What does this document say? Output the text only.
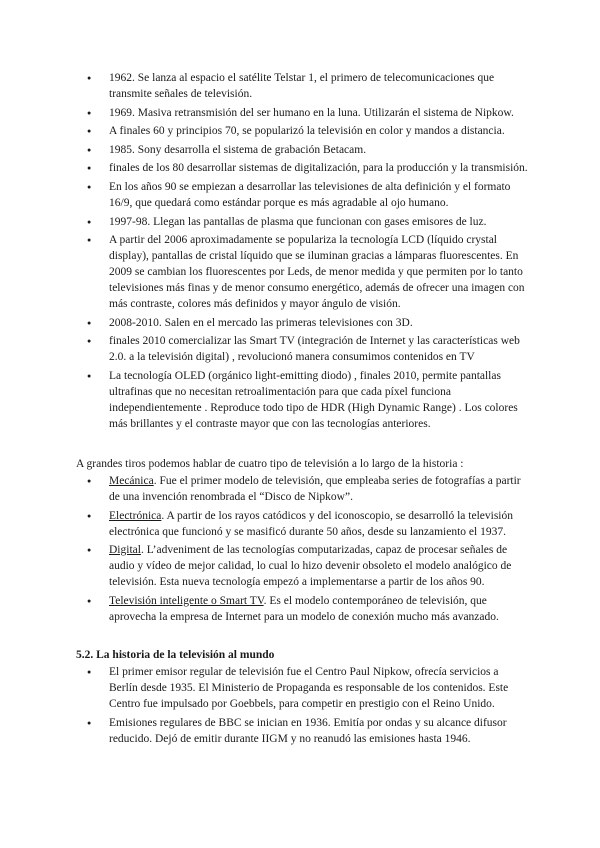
● 1962. Se lanza al espacio el satélite Telstar 1, el primero de telecomunicaciones que transmite señales de televisión.
● 1969. Masiva retransmisión del ser humano en la luna. Utilizarán el sistema de Nipkow.
● A finales 60 y principios 70, se popularizó la televisión en color y mandos a distancia.
● 1985. Sony desarrolla el sistema de grabación Betacam.
● finales de los 80 desarrollar sistemas de digitalización, para la producción y la transmisión.
● En los años 90 se empiezan a desarrollar las televisiones de alta definición y el formato 16/9, que quedará como estándar porque es más agradable al ojo humano.
● 1997-98. Llegan las pantallas de plasma que funcionan con gases emisores de luz.
● A partir del 2006 aproximadamente se populariza la tecnología LCD (líquido crystal display), pantallas de cristal líquido que se iluminan gracias a lámparas fluorescentes. En 2009 se cambian los fluorescentes por Leds, de menor medida y que permiten por lo tanto televisiones más finas y de menor consumo energético, además de ofrecer una imagen con más contraste, colores más definidos y mayor ángulo de visión.
● 2008-2010. Salen en el mercado las primeras televisiones con 3D.
● finales 2010 comercializar las Smart TV (integración de Internet y las características web 2.0. a la televisión digital) , revolucionó manera consumimos contenidos en TV
● La tecnología OLED (orgánico light-emitting diodo) , finales 2010, permite pantallas ultrafinas que no necesitan retroalimentación para que cada píxel funciona independientemente . Reproduce todo tipo de HDR (High Dynamic Range) . Los colores más brillantes y el contraste mayor que con las tecnologías anteriores.

A grandes tiros podemos hablar de cuatro tipo de televisión a lo largo de la historia :

● Mecánica. Fue el primer modelo de televisión, que empleaba series de fotografías a partir de una invención renombrada el “Disco de Nipkow”.
● Electrónica. A partir de los rayos catódicos y del iconoscopio, se desarrolló la televisión electrónica que funcionó y se masificó durante 50 años, desde su lanzamiento el 1937.
● Digital. L’adveniment de las tecnologías computarizadas, capaz de procesar señales de audio y vídeo de mejor calidad, lo cual lo hizo devenir obsoleto el modelo analógico de televisión. Esta nueva tecnología empezó a implementarse a partir de los años 90.
● Televisión inteligente o Smart TV. Es el modelo contemporáneo de televisión, que aprovecha la empresa de Internet para un modelo de conexión mucho más avanzado.
5.2. La historia de la televisión al mundo
● El primer emisor regular de televisión fue el Centro Paul Nipkow, ofrecía servicios a Berlín desde 1935. El Ministerio de Propaganda es responsable de los contenidos. Este Centro fue impulsado por Goebbels, para competir en prestigio con el Reino Unido.
● Emisiones regulares de BBC se inician en 1936. Emitía por ondas y su alcance difusor reducido. Dejó de emitir durante IIGM y no reanudó las emisiones hasta 1946.
